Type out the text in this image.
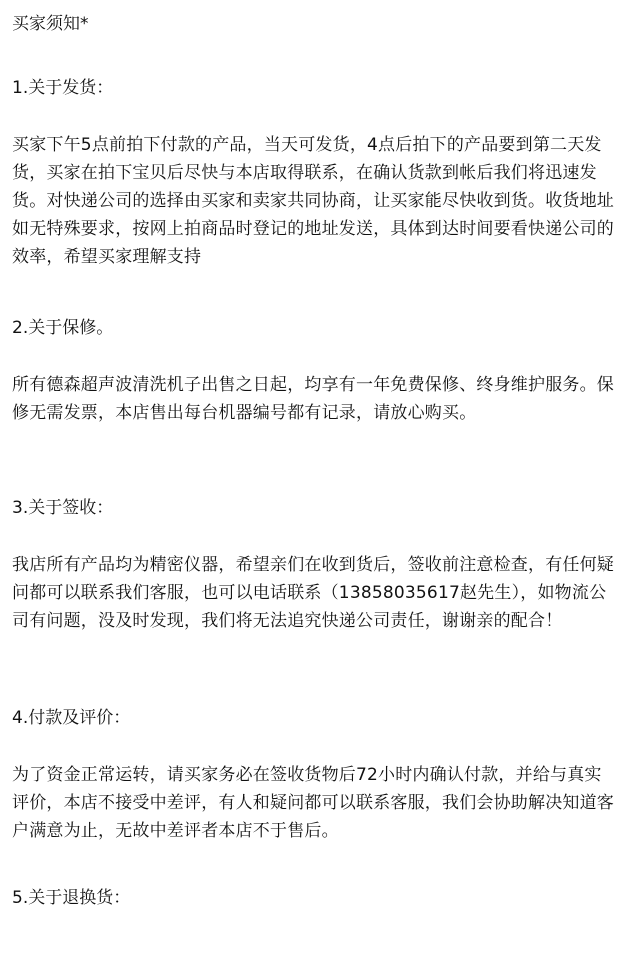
买家须知*
1.关于发货：
买家下午5点前拍下付款的产品，当天可发货，4点后拍下的产品要到第二天发货，买家在拍下宝贝后尽快与本店取得联系，在确认货款到帐后我们将迅速发货。对快递公司的选择由买家和卖家共同协商，让买家能尽快收到货。收货地址如无特殊要求，按网上拍商品时登记的地址发送，具体到达时间要看快递公司的效率，希望买家理解支持
2.关于保修。
所有德森超声波清洗机子出售之日起，均享有一年免费保修、终身维护服务。保修无需发票，本店售出每台机器编号都有记录，请放心购买。
3.关于签收：
我店所有产品均为精密仪器，希望亲们在收到货后，签收前注意检查，有任何疑问都可以联系我们客服，也可以电话联系（13858035617赵先生），如物流公司有问题，没及时发现，我们将无法追究快递公司责任，谢谢亲的配合！
4.付款及评价：
为了资金正常运转，请买家务必在签收货物后72小时内确认付款，并给与真实评价，本店不接受中差评，有人和疑问都可以联系客服，我们会协助解决知道客户满意为止，无故中差评者本店不于售后。
5.关于退换货：
